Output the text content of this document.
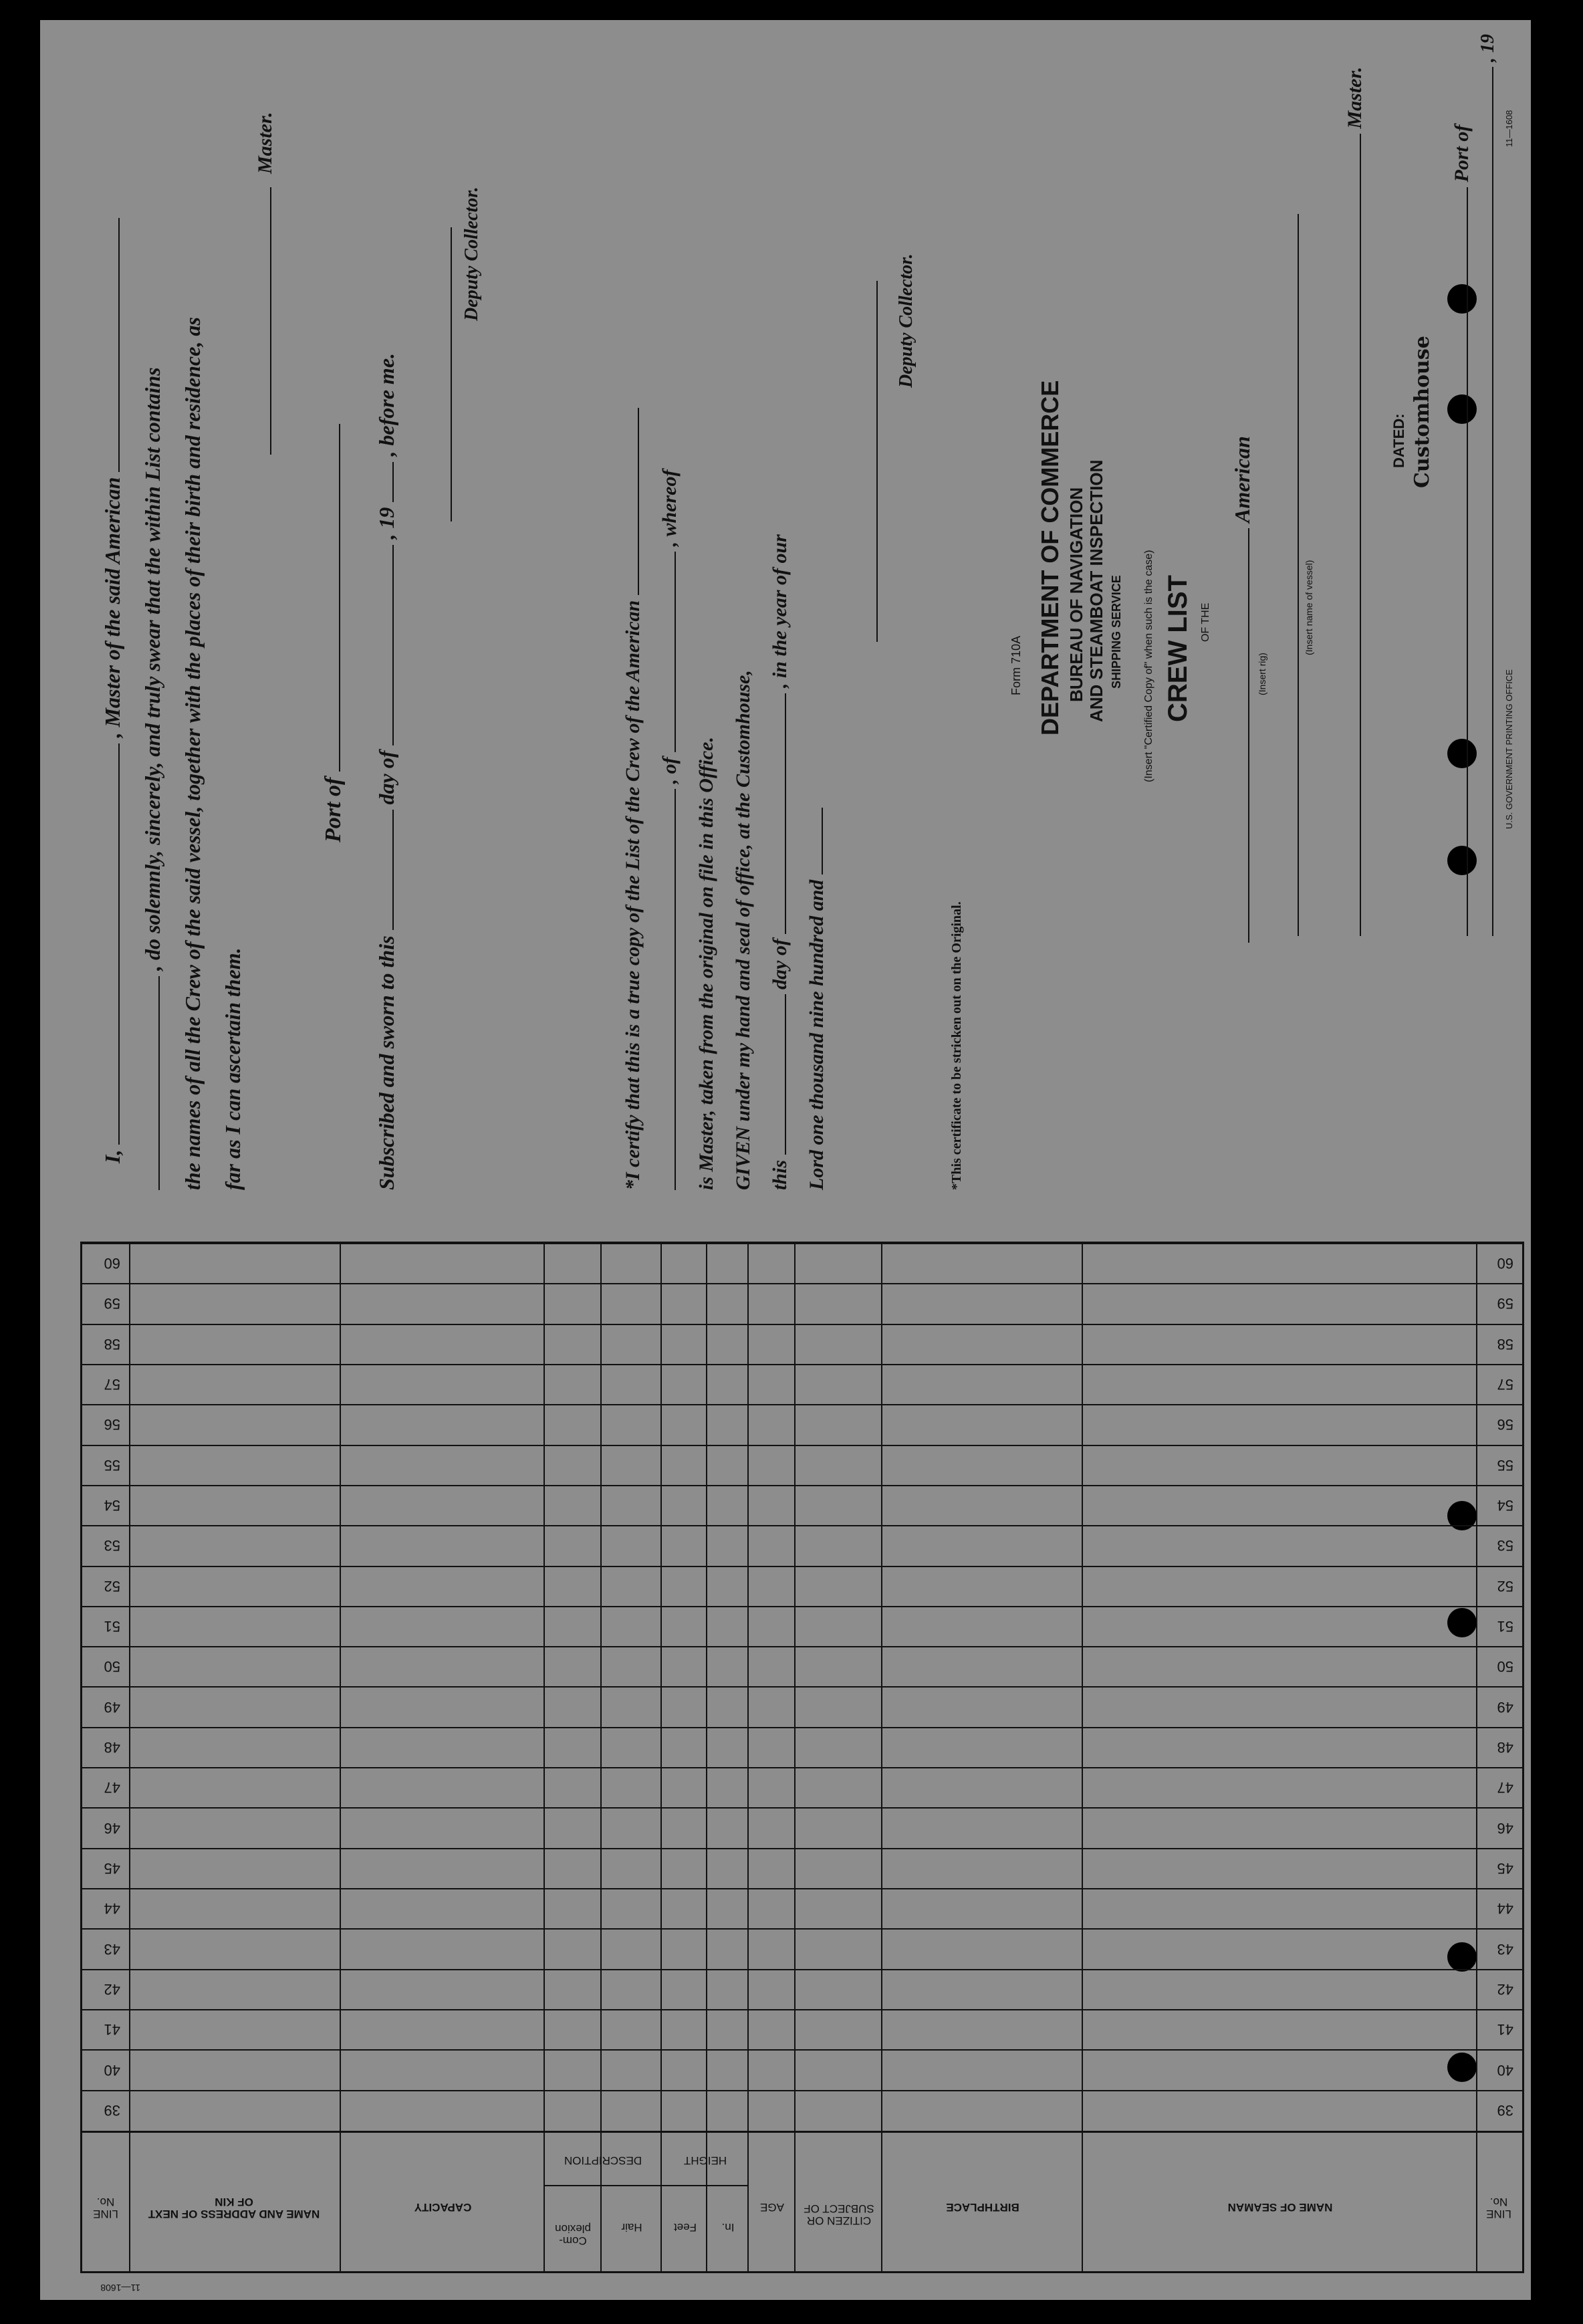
LINE No.
NAME OF SEAMAN
BIRTHPLACE
CITIZEN OR SUBJECT OF
AGE
HEIGHT
Feet	In.
DESCRIPTION
Com-plexion	Hair
CAPACITY
NAME AND ADDRESS OF NEXT OF KIN
LINE No.
39
39
40
40
41
41
42
42
43
43
44
44
45
45
46
46
47
47
48
48
49
49
50
50
51
51
52
52
53
53
54
54
55
55
56
56
57
57
58
58
59
59
60
60
11—1608
I,  , Master of the said American , do solemnly, sincerely, and truly swear that the within List contains the names of all the Crew of the said vessel, together with the places of their birth and residence, as far as I can ascertain them.
Master.
Port of
Subscribed and sworn to this  day of  , 19  , before me.
Deputy Collector.
*I certify that this is a true copy of the List of the Crew of the American , of  , whereof
is Master, taken from the original on file in this Office. GIVEN under my hand and seal of office, at the Customhouse, this  day of  , in the year of our
Lord one thousand nine hundred and
Deputy Collector.
*This certificate to be stricken out on the Original.
Form 710A DEPARTMENT OF COMMERCE BUREAU OF NAVIGATION AND STEAMBOAT INSPECTION SHIPPING SERVICE (Insert "Certified Copy of" when such is the case) CREW LIST OF THE
American
(Insert rig)
(Insert name of vessel)
Master.
DATED: Customhouse
Port of
, 19
U.S. GOVERNMENT PRINTING OFFICE
11—1608
